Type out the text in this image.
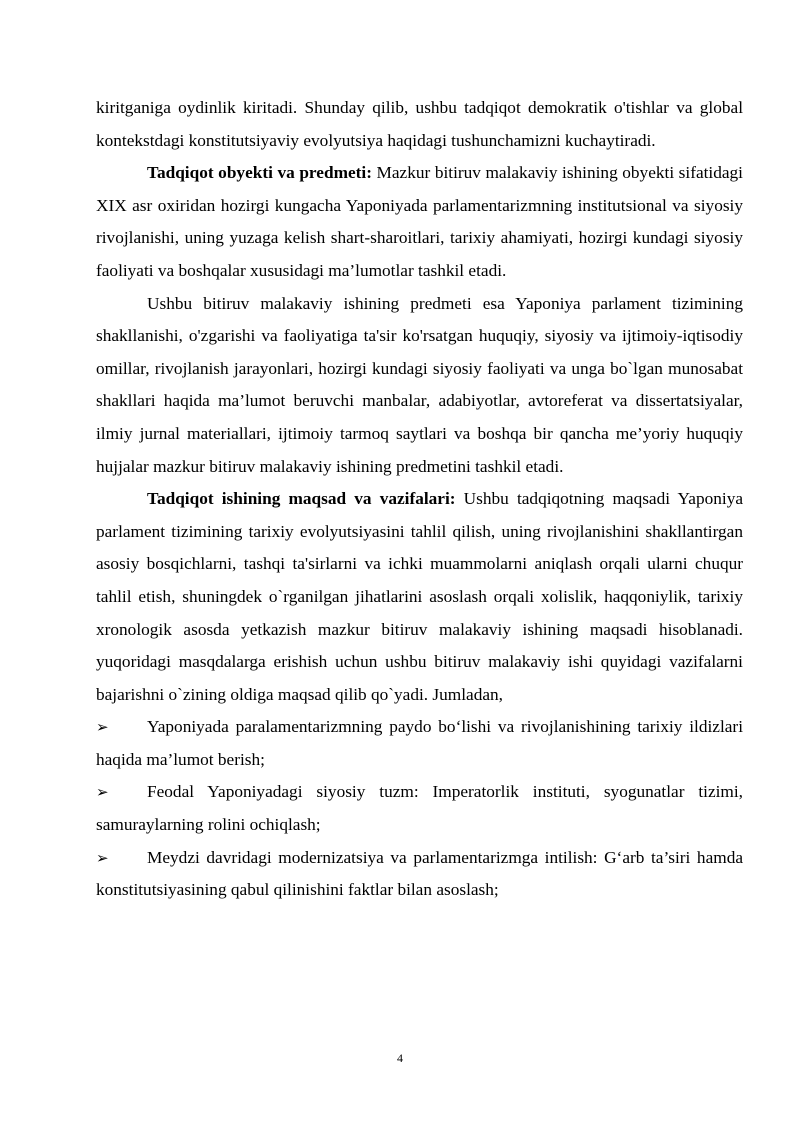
kiritganiga oydinlik kiritadi. Shunday qilib, ushbu tadqiqot demokratik o'tishlar va global kontekstdagi konstitutsiyaviy evolyutsiya haqidagi tushunchamizni kuchaytiradi.

Tadqiqot obyekti va predmeti: Mazkur bitiruv malakaviy ishining obyekti sifatidagi XIX asr oxiridan hozirgi kungacha Yaponiyada parlamentarizmning institutsional va siyosiy rivojlanishi, uning yuzaga kelish shart-sharoitlari, tarixiy ahamiyati, hozirgi kundagi siyosiy faoliyati va boshqalar xususidagi ma’lumotlar tashkil etadi.

Ushbu bitiruv malakaviy ishining predmeti esa Yaponiya parlament tizimining shakllanishi, o'zgarishi va faoliyatiga ta'sir ko'rsatgan huquqiy, siyosiy va ijtimoiy-iqtisodiy omillar, rivojlanish jarayonlari, hozirgi kundagi siyosiy faoliyati va unga bo`lgan munosabat shakllari haqida ma’lumot beruvchi manbalar, adabiyotlar, avtoreferat va dissertatsiyalar, ilmiy jurnal materiallari, ijtimoiy tarmoq saytlari va boshqa bir qancha me’yoriy huquqiy hujjalar mazkur bitiruv malakaviy ishining predmetini tashkil etadi.

Tadqiqot ishining maqsad va vazifalari: Ushbu tadqiqotning maqsadi Yaponiya parlament tizimining tarixiy evolyutsiyasini tahlil qilish, uning rivojlanishini shakllantirgan asosiy bosqichlarni, tashqi ta'sirlarni va ichki muammolarni aniqlash orqali ularni chuqur tahlil etish, shuningdek o`rganilgan jihatlarini asoslash orqali xolislik, haqqoniylik, tarixiy xronologik asosda yetkazish mazkur bitiruv malakaviy ishining maqsadi hisoblanadi. yuqoridagi masqdalarga erishish uchun ushbu bitiruv malakaviy ishi quyidagi vazifalarni bajarishni o`zining oldiga maqsad qilib qo`yadi. Jumladan,

➢ Yaponiyada paralamentarizmning paydo bo‘lishi va rivojlanishining tarixiy ildizlari haqida ma’lumot berish;

➢ Feodal Yaponiyadagi siyosiy tuzm: Imperatorlik instituti, syogunatlar tizimi, samuraylarning rolini ochiqlash;

➢ Meydzi davridagi modernizatsiya va parlamentarizmga intilish: G‘arb ta’siri hamda konstitutsiyasining qabul qilinishini faktlar bilan asoslash;

4
